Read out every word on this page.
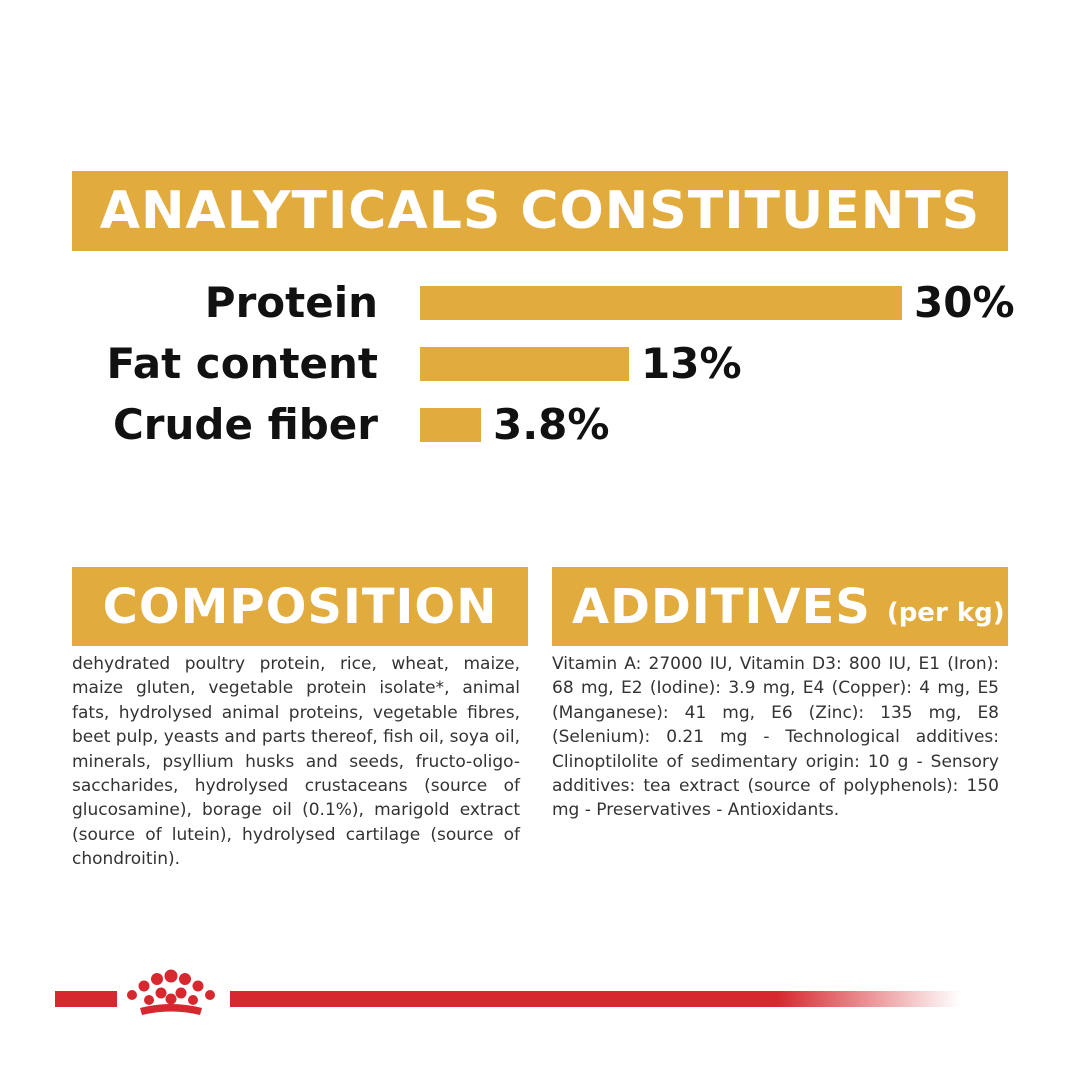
ANALYTICALS CONSTITUENTS
Protein	30%
Fat content	13%
Crude fiber	3.8%
COMPOSITION ADDITIVES (per kg)
dehydrated poultry protein, rice, wheat, maize, maize gluten, vegetable protein isolate*, animal fats, hydrolysed animal proteins, vegetable fibres, beet pulp, yeasts and parts thereof, fish oil, soya oil, minerals, psyllium husks and seeds, fructo-oligo-saccharides, hydrolysed crustaceans (source of glucosamine), borage oil (0.1%), marigold extract (source of lutein), hydrolysed cartilage (source of chondroitin).
Vitamin A: 27000 IU, Vitamin D3: 800 IU, E1 (Iron): 68 mg, E2 (Iodine): 3.9 mg, E4 (Copper): 4 mg, E5 (Manganese): 41 mg, E6 (Zinc): 135 mg, E8 (Selenium): 0.21 mg - Technological additives: Clinoptilolite of sedimentary origin: 10 g - Sensory additives: tea extract (source of polyphenols): 150 mg - Preservatives - Antioxidants.
